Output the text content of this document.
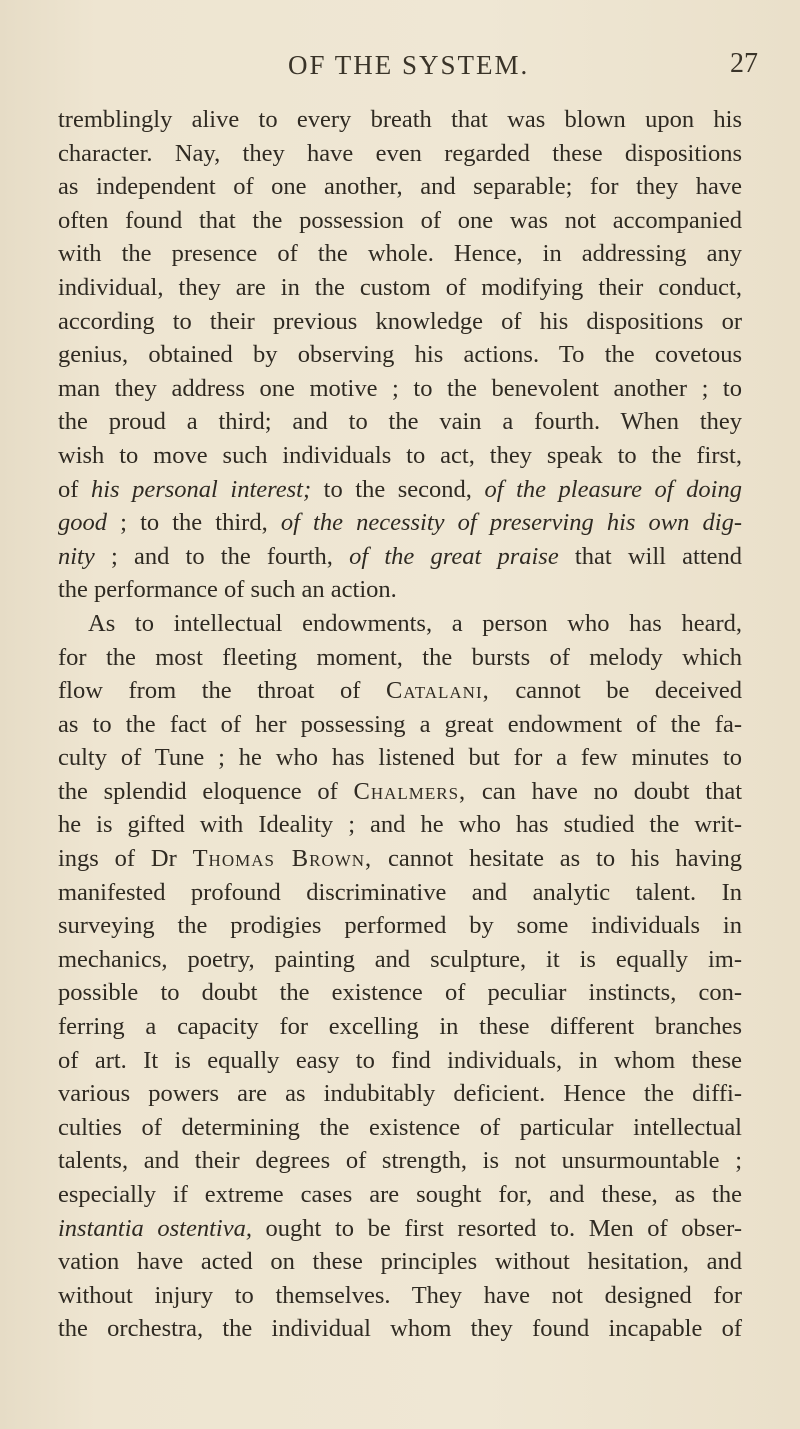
OF THE SYSTEM.	27
tremblingly alive to every breath that was blown upon his
character. Nay, they have even regarded these dispositions
as independent of one another, and separable; for they have
often found that the possession of one was not accompanied
with the presence of the whole. Hence, in addressing any
individual, they are in the custom of modifying their conduct,
according to their previous knowledge of his dispositions or
genius, obtained by observing his actions. To the covetous
man they address one motive ; to the benevolent another ; to
the proud a third; and to the vain a fourth. When they
wish to move such individuals to act, they speak to the first,
of his personal interest; to the second, of the pleasure of doing
good ; to the third, of the necessity of preserving his own dig-
nity ; and to the fourth, of the great praise that will attend
the performance of such an action.
As to intellectual endowments, a person who has heard,
for the most fleeting moment, the bursts of melody which
flow from the throat of Catalani, cannot be deceived
as to the fact of her possessing a great endowment of the fa-
culty of Tune ; he who has listened but for a few minutes to
the splendid eloquence of Chalmers, can have no doubt that
he is gifted with Ideality ; and he who has studied the writ-
ings of Dr Thomas Brown, cannot hesitate as to his having
manifested profound discriminative and analytic talent. In
surveying the prodigies performed by some individuals in
mechanics, poetry, painting and sculpture, it is equally im-
possible to doubt the existence of peculiar instincts, con-
ferring a capacity for excelling in these different branches
of art. It is equally easy to find individuals, in whom these
various powers are as indubitably deficient. Hence the diffi-
culties of determining the existence of particular intellectual
talents, and their degrees of strength, is not unsurmountable ;
especially if extreme cases are sought for, and these, as the
instantia ostentiva, ought to be first resorted to. Men of obser-
vation have acted on these principles without hesitation, and
without injury to themselves. They have not designed for
the orchestra, the individual whom they found incapable of
